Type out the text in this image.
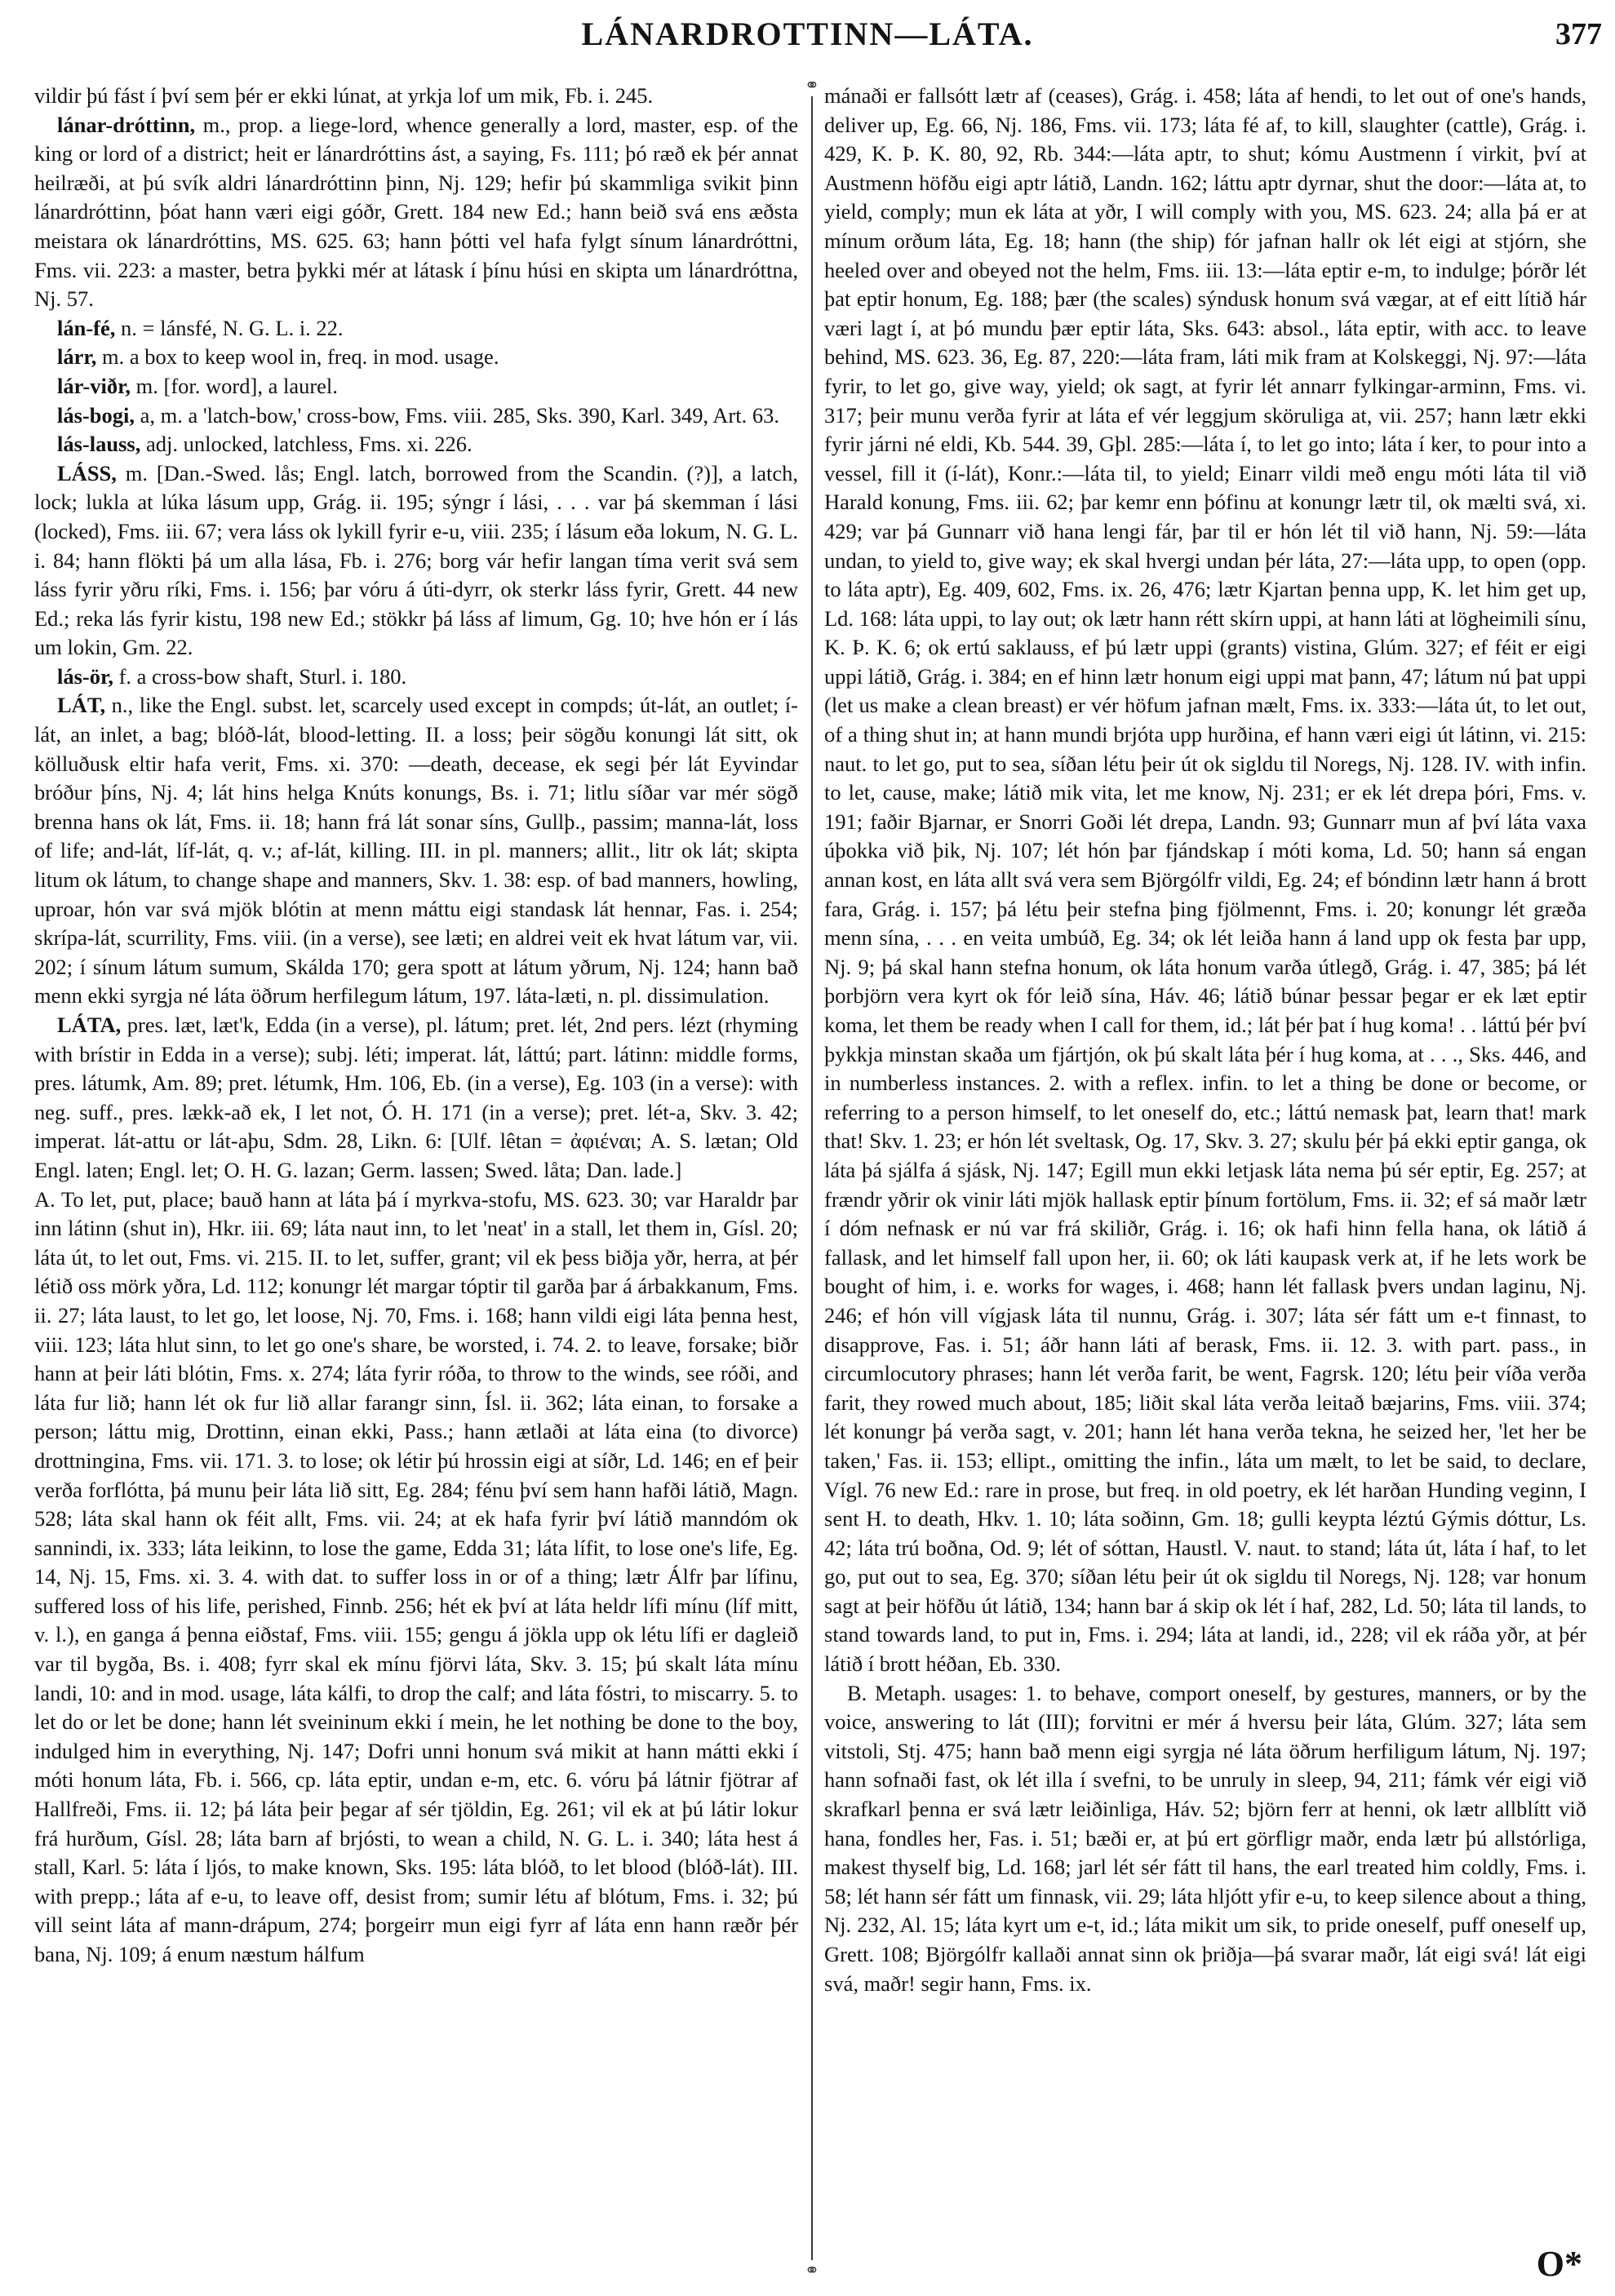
LÁNARDROTTINN—LÁTA.	377

vildir þú fást í því sem þér er ekki lúnat, at yrkja lof um mik, Fb. i. 245.

lánar-dróttinn, m., prop. a liege-lord, whence generally a lord, master, esp. of the king or lord of a district; heit er lánardróttins ást, a saying, Fs. 111; þó ræð ek þér annat heilræði, at þú svík aldri lánardróttinn þinn, Nj. 129; hefir þú skammliga svikit þinn lánardróttinn, þóat hann væri eigi góðr, Grett. 184 new Ed.; hann beið svá ens æðsta meistara ok lánardróttins, MS. 625. 63; hann þótti vel hafa fylgt sínum lánardróttni, Fms. vii. 223: a master, betra þykki mér at látask í þínu húsi en skipta um lánardróttna, Nj. 57.

lán-fé, n. = lánsfé, N. G. L. i. 22.

lárr, m. a box to keep wool in, freq. in mod. usage.

lár-viðr, m. [for. word], a laurel.

lás-bogi, a, m. a 'latch-bow,' cross-bow, Fms. viii. 285, Sks. 390, Karl. 349, Art. 63.

lás-lauss, adj. unlocked, latchless, Fms. xi. 226.

LÁSS, m. [Dan.-Swed. lås; Engl. latch, borrowed from the Scandin. (?)], a latch, lock; lukla at lúka lásum upp, Grág. ii. 195; sýngr í lási, . . . var þá skemman í lási (locked), Fms. iii. 67; vera láss ok lykill fyrir e-u, viii. 235; í lásum eða lokum, N. G. L. i. 84; hann flökti þá um alla lása, Fb. i. 276; borg vár hefir langan tíma verit svá sem láss fyrir yðru ríki, Fms. i. 156; þar vóru á úti-dyrr, ok sterkr láss fyrir, Grett. 44 new Ed.; reka lás fyrir kistu, 198 new Ed.; stökkr þá láss af limum, Gg. 10; hve hón er í lás um lokin, Gm. 22.

lás-ör, f. a cross-bow shaft, Sturl. i. 180.

LÁT, n., like the Engl. subst. let, scarcely used except in compds; út-lát, an outlet; í-lát, an inlet, a bag; blóð-lát, blood-letting. II. a loss; þeir sögðu konungi lát sitt, ok kölluðusk eltir hafa verit, Fms. xi. 370: —death, decease, ek segi þér lát Eyvindar bróður þíns, Nj. 4; lát hins helga Knúts konungs, Bs. i. 71; litlu síðar var mér sögð brenna hans ok lát, Fms. ii. 18; hann frá lát sonar síns, Gullþ., passim; manna-lát, loss of life; and-lát, líf-lát, q. v.; af-lát, killing. III. in pl. manners; allit., litr ok lát; skipta litum ok látum, to change shape and manners, Skv. 1. 38: esp. of bad manners, howling, uproar, hón var svá mjök blótin at menn máttu eigi standask lát hennar, Fas. i. 254; skrípa-lát, scurrility, Fms. viii. (in a verse), see læti; en aldrei veit ek hvat látum var, vii. 202; í sínum látum sumum, Skálda 170; gera spott at látum yðrum, Nj. 124; hann bað menn ekki syrgja né láta öðrum herfilegum látum, 197. láta-læti, n. pl. dissimulation.

LÁTA, pres. læt, læt'k, Edda (in a verse), pl. látum; pret. lét, 2nd pers. lézt (rhyming with brístir in Edda in a verse); subj. léti; imperat. lát, láttú; part. látinn: middle forms, pres. látumk, Am. 89; pret. létumk, Hm. 106, Eb. (in a verse), Eg. 103 (in a verse): with neg. suff., pres. lækk-að ek, I let not, Ó. H. 171 (in a verse); pret. lét-a, Skv. 3. 42; imperat. lát-attu or lát-aþu, Sdm. 28, Likn. 6: [Ulf. lêtan = ἀφιέναι; A. S. lætan; Old Engl. laten; Engl. let; O. H. G. lazan; Germ. lassen; Swed. låta; Dan. lade.]

A. To let, put, place; bauð hann at láta þá í myrkva-stofu, MS. 623. 30; var Haraldr þar inn látinn (shut in), Hkr. iii. 69; láta naut inn, to let 'neat' in a stall, let them in, Gísl. 20; láta út, to let out, Fms. vi. 215. II. to let, suffer, grant; vil ek þess biðja yðr, herra, at þér létið oss mörk yðra, Ld. 112; konungr lét margar tóptir til garða þar á árbakkanum, Fms. ii. 27; láta laust, to let go, let loose, Nj. 70, Fms. i. 168; hann vildi eigi láta þenna hest, viii. 123; láta hlut sinn, to let go one's share, be worsted, i. 74. 2. to leave, forsake; biðr hann at þeir láti blótin, Fms. x. 274; láta fyrir róða, to throw to the winds, see róði, and láta fur lið; hann lét ok fur lið allar farangr sinn, Ísl. ii. 362; láta einan, to forsake a person; láttu mig, Drottinn, einan ekki, Pass.; hann ætlaði at láta eina (to divorce) drottningina, Fms. vii. 171. 3. to lose; ok létir þú hrossin eigi at síðr, Ld. 146; en ef þeir verða forflótta, þá munu þeir láta lið sitt, Eg. 284; fénu því sem hann hafði látið, Magn. 528; láta skal hann ok féit allt, Fms. vii. 24; at ek hafa fyrir því látið manndóm ok sannindi, ix. 333; láta leikinn, to lose the game, Edda 31; láta lífit, to lose one's life, Eg. 14, Nj. 15, Fms. xi. 3. 4. with dat. to suffer loss in or of a thing; lætr Álfr þar lífinu, suffered loss of his life, perished, Finnb. 256; hét ek því at láta heldr lífi mínu (líf mitt, v. l.), en ganga á þenna eiðstaf, Fms. viii. 155; gengu á jökla upp ok létu lífi er dagleið var til bygða, Bs. i. 408; fyrr skal ek mínu fjörvi láta, Skv. 3. 15; þú skalt láta mínu landi, 10: and in mod. usage, láta kálfi, to drop the calf; and láta fóstri, to miscarry. 5. to let do or let be done; hann lét sveininum ekki í mein, he let nothing be done to the boy, indulged him in everything, Nj. 147; Dofri unni honum svá mikit at hann mátti ekki í móti honum láta, Fb. i. 566, cp. láta eptir, undan e-m, etc. 6. vóru þá látnir fjötrar af Hallfreði, Fms. ii. 12; þá láta þeir þegar af sér tjöldin, Eg. 261; vil ek at þú látir lokur frá hurðum, Gísl. 28; láta barn af brjósti, to wean a child, N. G. L. i. 340; láta hest á stall, Karl. 5: láta í ljós, to make known, Sks. 195: láta blóð, to let blood (blóð-lát). III. with prepp.; láta af e-u, to leave off, desist from; sumir létu af blótum, Fms. i. 32; þú vill seint láta af mann-drápum, 274; þorgeirr mun eigi fyrr af láta enn hann ræðr þér bana, Nj. 109; á enum næstum hálfum

⚭
⚭

mánaði er fallsótt lætr af (ceases), Grág. i. 458; láta af hendi, to let out of one's hands, deliver up, Eg. 66, Nj. 186, Fms. vii. 173; láta fé af, to kill, slaughter (cattle), Grág. i. 429, K. Þ. K. 80, 92, Rb. 344:—láta aptr, to shut; kómu Austmenn í virkit, því at Austmenn höfðu eigi aptr látið, Landn. 162; láttu aptr dyrnar, shut the door:—láta at, to yield, comply; mun ek láta at yðr, I will comply with you, MS. 623. 24; alla þá er at mínum orðum láta, Eg. 18; hann (the ship) fór jafnan hallr ok lét eigi at stjórn, she heeled over and obeyed not the helm, Fms. iii. 13:—láta eptir e-m, to indulge; þórðr lét þat eptir honum, Eg. 188; þær (the scales) sýndusk honum svá vægar, at ef eitt lítið hár væri lagt í, at þó mundu þær eptir láta, Sks. 643: absol., láta eptir, with acc. to leave behind, MS. 623. 36, Eg. 87, 220:—láta fram, láti mik fram at Kolskeggi, Nj. 97:—láta fyrir, to let go, give way, yield; ok sagt, at fyrir lét annarr fylkingar-arminn, Fms. vi. 317; þeir munu verða fyrir at láta ef vér leggjum sköruliga at, vii. 257; hann lætr ekki fyrir járni né eldi, Kb. 544. 39, Gþl. 285:—láta í, to let go into; láta í ker, to pour into a vessel, fill it (í-lát), Konr.:—láta til, to yield; Einarr vildi með engu móti láta til við Harald konung, Fms. iii. 62; þar kemr enn þófinu at konungr lætr til, ok mælti svá, xi. 429; var þá Gunnarr við hana lengi fár, þar til er hón lét til við hann, Nj. 59:—láta undan, to yield to, give way; ek skal hvergi undan þér láta, 27:—láta upp, to open (opp. to láta aptr), Eg. 409, 602, Fms. ix. 26, 476; lætr Kjartan þenna upp, K. let him get up, Ld. 168: láta uppi, to lay out; ok lætr hann rétt skírn uppi, at hann láti at lögheimili sínu, K. Þ. K. 6; ok ertú saklauss, ef þú lætr uppi (grants) vistina, Glúm. 327; ef féit er eigi uppi látið, Grág. i. 384; en ef hinn lætr honum eigi uppi mat þann, 47; látum nú þat uppi (let us make a clean breast) er vér höfum jafnan mælt, Fms. ix. 333:—láta út, to let out, of a thing shut in; at hann mundi brjóta upp hurðina, ef hann væri eigi út látinn, vi. 215: naut. to let go, put to sea, síðan létu þeir út ok sigldu til Noregs, Nj. 128. IV. with infin. to let, cause, make; látið mik vita, let me know, Nj. 231; er ek lét drepa þóri, Fms. v. 191; faðir Bjarnar, er Snorri Goði lét drepa, Landn. 93; Gunnarr mun af því láta vaxa úþokka við þik, Nj. 107; lét hón þar fjándskap í móti koma, Ld. 50; hann sá engan annan kost, en láta allt svá vera sem Björgólfr vildi, Eg. 24; ef bóndinn lætr hann á brott fara, Grág. i. 157; þá létu þeir stefna þing fjölmennt, Fms. i. 20; konungr lét græða menn sína, . . . en veita umbúð, Eg. 34; ok lét leiða hann á land upp ok festa þar upp, Nj. 9; þá skal hann stefna honum, ok láta honum varða útlegð, Grág. i. 47, 385; þá lét þorbjörn vera kyrt ok fór leið sína, Háv. 46; látið búnar þessar þegar er ek læt eptir koma, let them be ready when I call for them, id.; lát þér þat í hug koma! . . láttú þér því þykkja minstan skaða um fjártjón, ok þú skalt láta þér í hug koma, at . . ., Sks. 446, and in numberless instances. 2. with a reflex. infin. to let a thing be done or become, or referring to a person himself, to let oneself do, etc.; láttú nemask þat, learn that! mark that! Skv. 1. 23; er hón lét sveltask, Og. 17, Skv. 3. 27; skulu þér þá ekki eptir ganga, ok láta þá sjálfa á sjásk, Nj. 147; Egill mun ekki letjask láta nema þú sér eptir, Eg. 257; at frændr yðrir ok vinir láti mjök hallask eptir þínum fortölum, Fms. ii. 32; ef sá maðr lætr í dóm nefnask er nú var frá skiliðr, Grág. i. 16; ok hafi hinn fella hana, ok látið á fallask, and let himself fall upon her, ii. 60; ok láti kaupask verk at, if he lets work be bought of him, i. e. works for wages, i. 468; hann lét fallask þvers undan laginu, Nj. 246; ef hón vill vígjask láta til nunnu, Grág. i. 307; láta sér fátt um e-t finnast, to disapprove, Fas. i. 51; áðr hann láti af berask, Fms. ii. 12. 3. with part. pass., in circumlocutory phrases; hann lét verða farit, be went, Fagrsk. 120; létu þeir víða verða farit, they rowed much about, 185; liðit skal láta verða leitað bæjarins, Fms. viii. 374; lét konungr þá verða sagt, v. 201; hann lét hana verða tekna, he seized her, 'let her be taken,' Fas. ii. 153; ellipt., omitting the infin., láta um mælt, to let be said, to declare, Vígl. 76 new Ed.: rare in prose, but freq. in old poetry, ek lét harðan Hunding veginn, I sent H. to death, Hkv. 1. 10; láta soðinn, Gm. 18; gulli keypta léztú Gýmis dóttur, Ls. 42; láta trú boðna, Od. 9; lét of sóttan, Haustl. V. naut. to stand; láta út, láta í haf, to let go, put out to sea, Eg. 370; síðan létu þeir út ok sigldu til Noregs, Nj. 128; var honum sagt at þeir höfðu út látið, 134; hann bar á skip ok lét í haf, 282, Ld. 50; láta til lands, to stand towards land, to put in, Fms. i. 294; láta at landi, id., 228; vil ek ráða yðr, at þér látið í brott héðan, Eb. 330.

B. Metaph. usages: 1. to behave, comport oneself, by gestures, manners, or by the voice, answering to lát (III); forvitni er mér á hversu þeir láta, Glúm. 327; láta sem vitstoli, Stj. 475; hann bað menn eigi syrgja né láta öðrum herfiligum látum, Nj. 197; hann sofnaði fast, ok lét illa í svefni, to be unruly in sleep, 94, 211; fámk vér eigi við skrafkarl þenna er svá lætr leiðinliga, Háv. 52; björn ferr at henni, ok lætr allblítt við hana, fondles her, Fas. i. 51; bæði er, at þú ert görfligr maðr, enda lætr þú allstórliga, makest thyself big, Ld. 168; jarl lét sér fátt til hans, the earl treated him coldly, Fms. i. 58; lét hann sér fátt um finnask, vii. 29; láta hljótt yfir e-u, to keep silence about a thing, Nj. 232, Al. 15; láta kyrt um e-t, id.; láta mikit um sik, to pride oneself, puff oneself up, Grett. 108; Björgólfr kallaði annat sinn ok þriðja—þá svarar maðr, lát eigi svá! lát eigi svá, maðr! segir hann, Fms. ix.

O*
